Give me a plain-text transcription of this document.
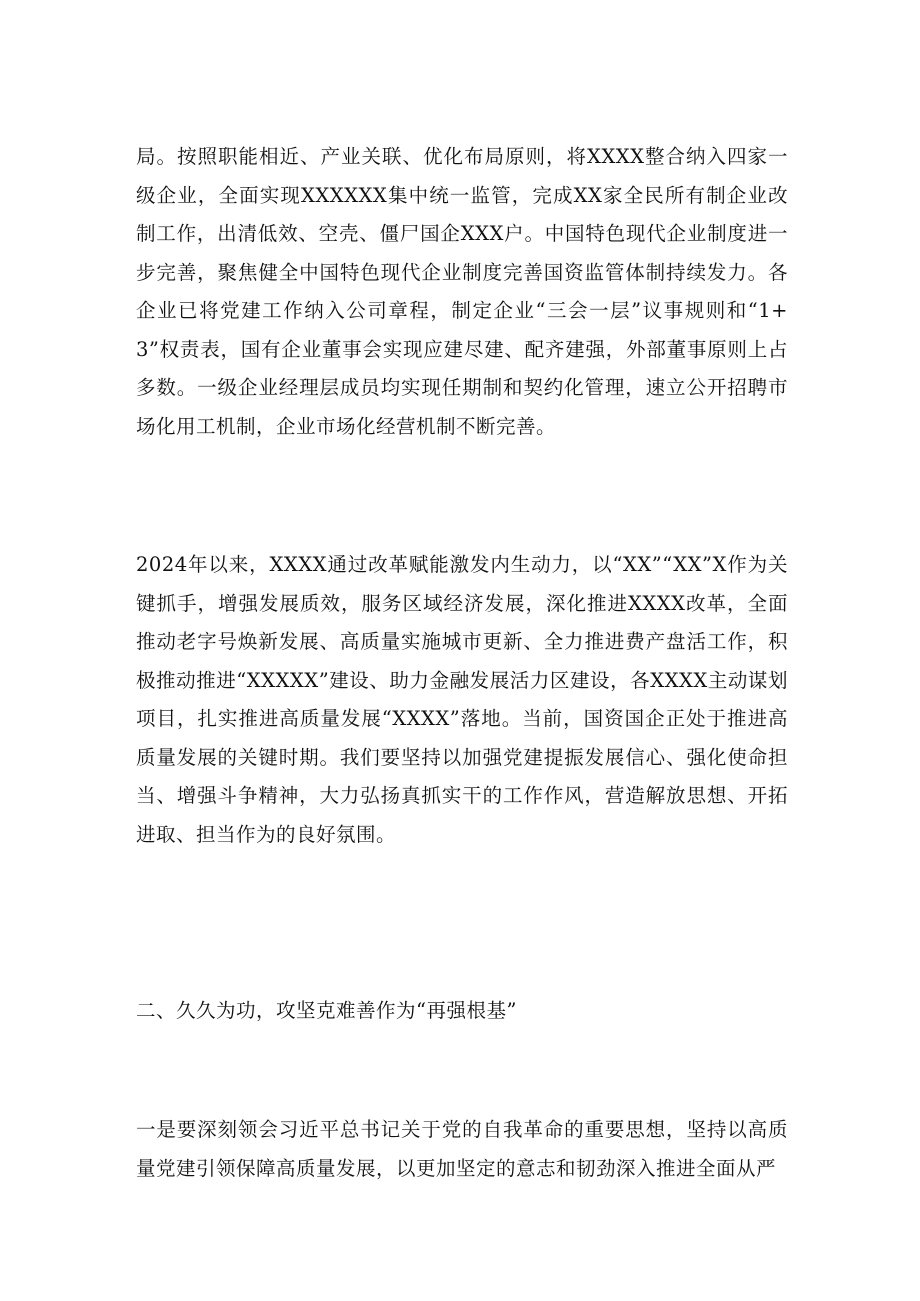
局。按照职能相近、产业关联、优化布局原则，将XXXX整合纳入四家一级企业，全面实现XXXXXX集中统一监管，完成XX家全民所有制企业改制工作，出清低效、空壳、僵尸国企XXX户。中国特色现代企业制度进一步完善，聚焦健全中国特色现代企业制度完善国资监管体制持续发力。各企业已将党建工作纳入公司章程，制定企业“三会一层”议事规则和“1+3”权责表，国有企业董事会实现应建尽建、配齐建强，外部董事原则上占多数。一级企业经理层成员均实现任期制和契约化管理，速立公开招聘市场化用工机制，企业市场化经营机制不断完善。

2024年以来，XXXX通过改革赋能激发内生动力，以“XX”“XX”X作为关键抓手，增强发展质效，服务区域经济发展，深化推进XXXX改革，全面推动老字号焕新发展、高质量实施城市更新、全力推进费产盘活工作，积极推动推进“XXXXX”建设、助力金融发展活力区建设，各XXXX主动谋划项目，扎实推进高质量发展“XXXX”落地。当前，国资国企正处于推进高质量发展的关键时期。我们要坚持以加强党建提振发展信心、强化使命担当、增强斗争精神，大力弘扬真抓实干的工作作风，营造解放思想、开拓进取、担当作为的良好氛围。

二、久久为功，攻坚克难善作为“再强根基”

一是要深刻领会习近平总书记关于党的自我革命的重要思想，坚持以高质量党建引领保障高质量发展，以更加坚定的意志和韧劲深入推进全面从严
